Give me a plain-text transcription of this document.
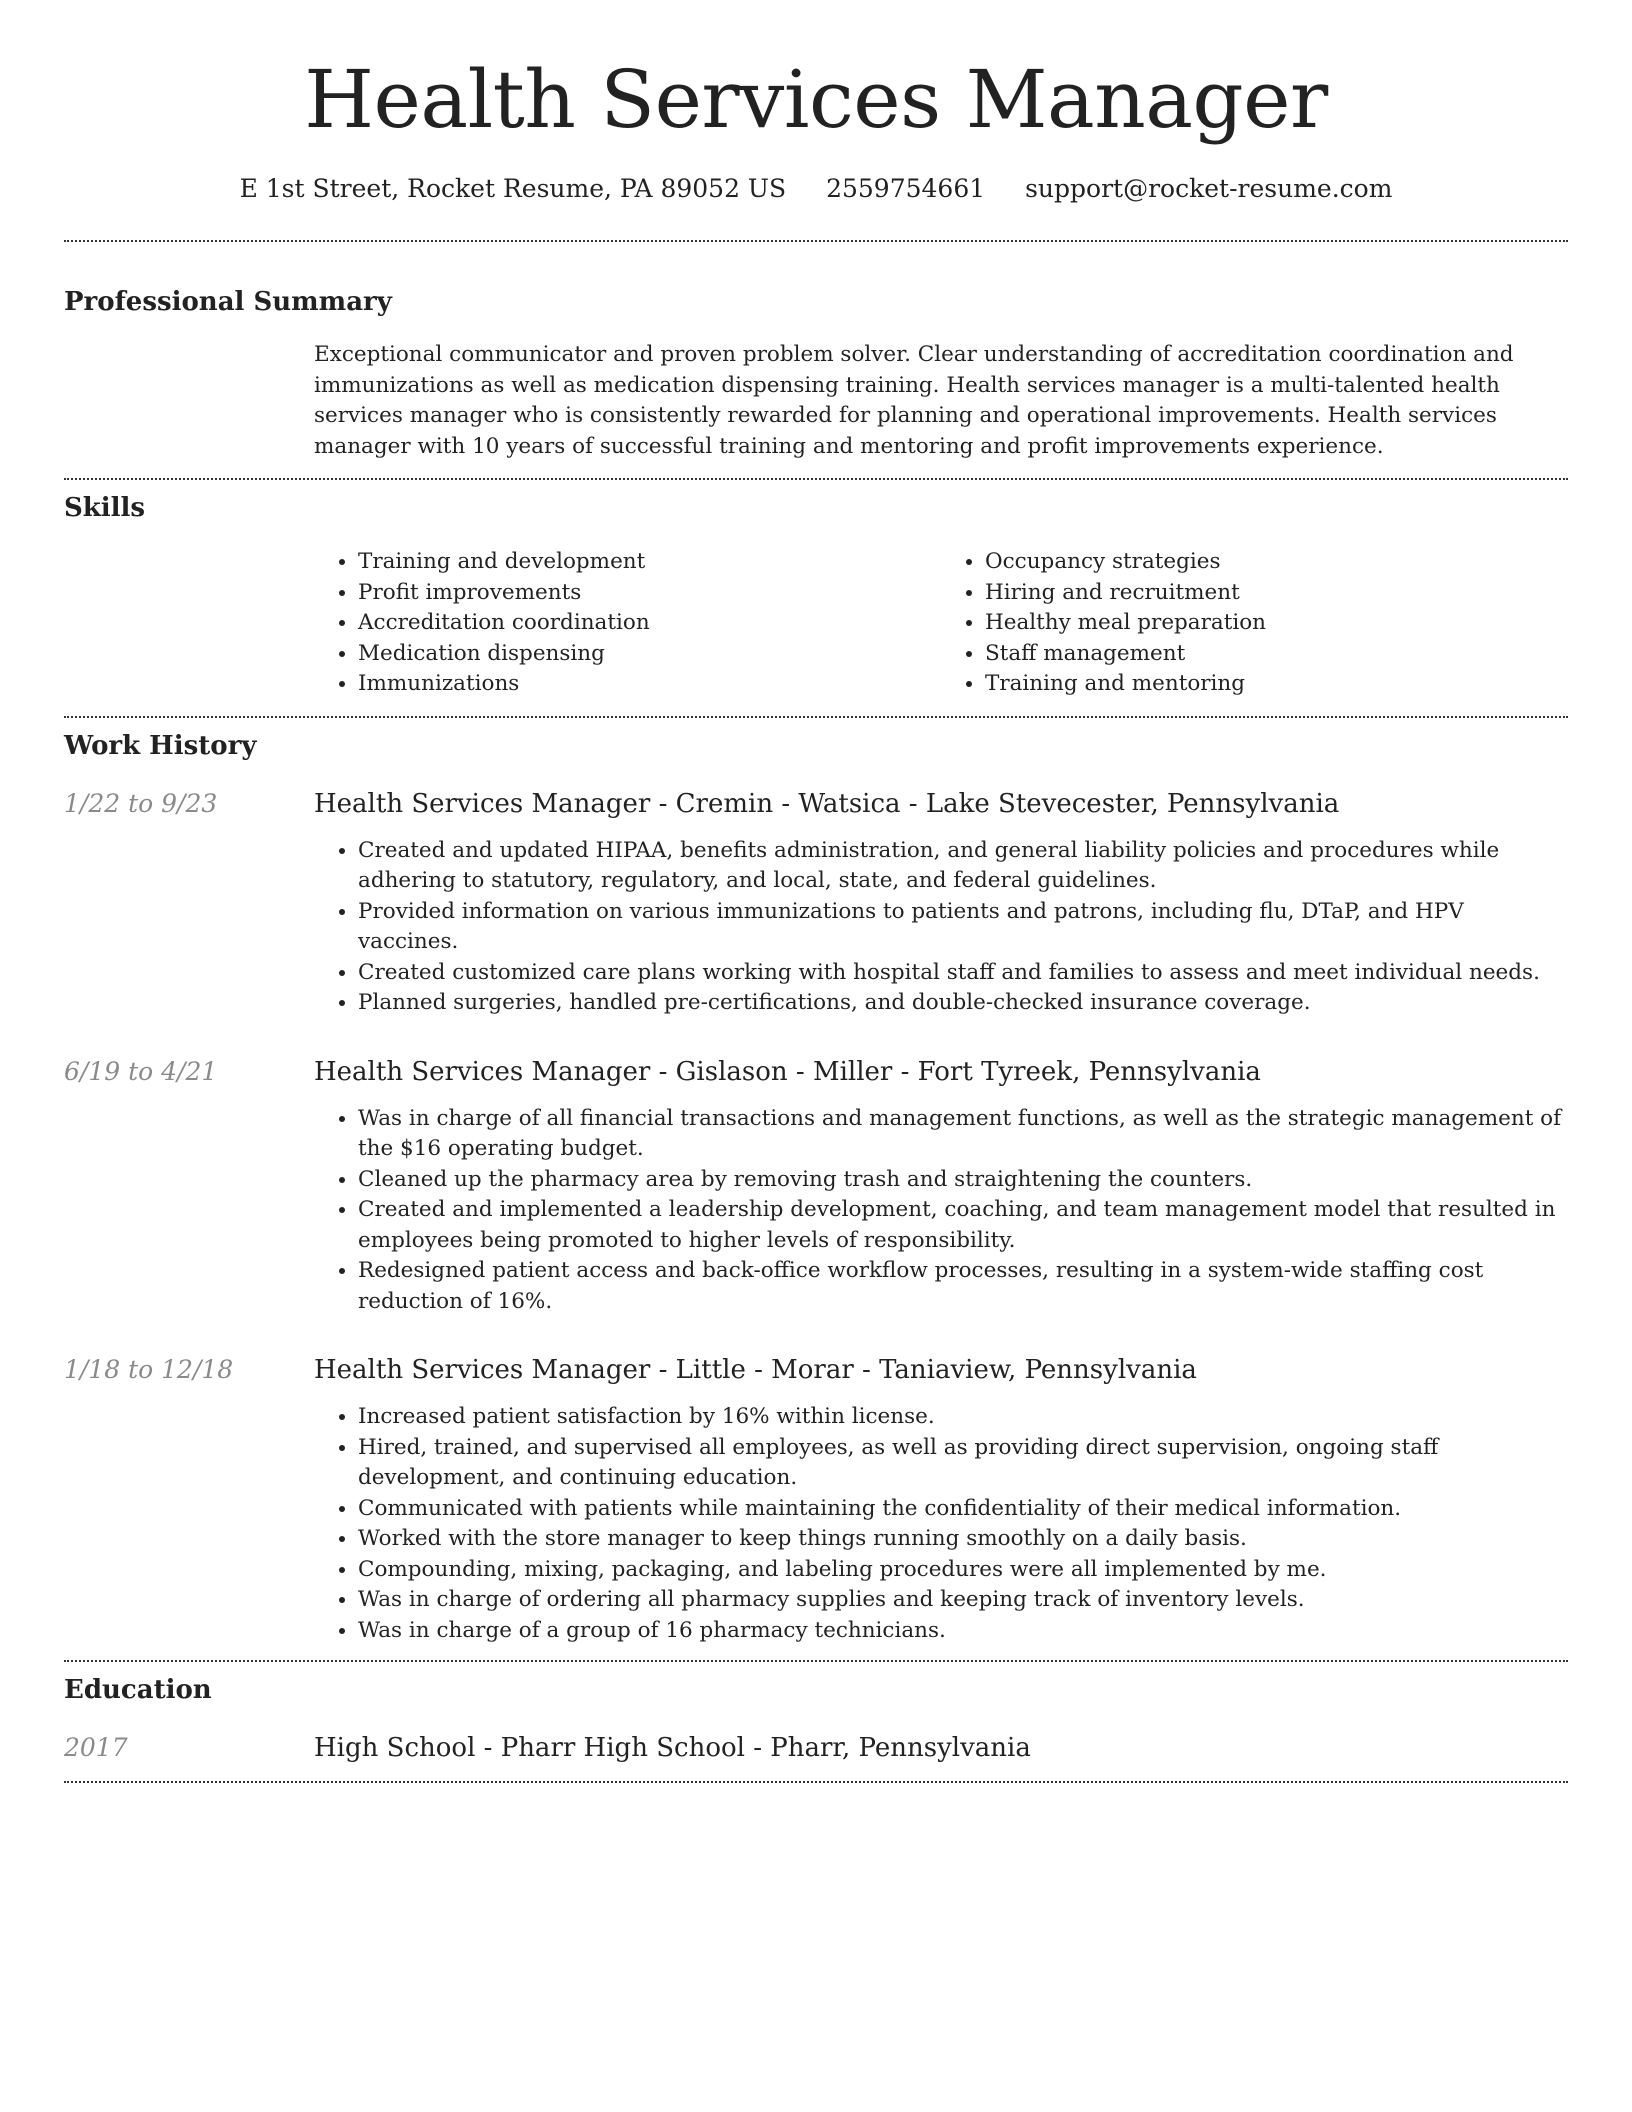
Health Services Manager
E 1st Street, Rocket Resume, PA 89052 US 2559754661 support@rocket-resume.com
Professional Summary

Exceptional communicator and proven problem solver. Clear understanding of accreditation coordination and immunizations as well as medication dispensing training. Health services manager is a multi-talented health services manager who is consistently rewarded for planning and operational improvements. Health services manager with 10 years of successful training and mentoring and profit improvements experience.

Skills
• Training and development
• Profit improvements
• Accreditation coordination
• Medication dispensing
• Immunizations
• Occupancy strategies
• Hiring and recruitment
• Healthy meal preparation
• Staff management
• Training and mentoring
Work History
1/22 to 9/23	Health Services Manager - Cremin - Watsica - Lake Stevecester, Pennsylvania
• Created and updated HIPAA, benefits administration, and general liability policies and procedures while adhering to statutory, regulatory, and local, state, and federal guidelines.
• Provided information on various immunizations to patients and patrons, including flu, DTaP, and HPV vaccines.
• Created customized care plans working with hospital staff and families to assess and meet individual needs.
• Planned surgeries, handled pre-certifications, and double-checked insurance coverage.
6/19 to 4/21	Health Services Manager - Gislason - Miller - Fort Tyreek, Pennsylvania
• Was in charge of all financial transactions and management functions, as well as the strategic management of the $16 operating budget.
• Cleaned up the pharmacy area by removing trash and straightening the counters.
• Created and implemented a leadership development, coaching, and team management model that resulted in employees being promoted to higher levels of responsibility.
• Redesigned patient access and back-office workflow processes, resulting in a system-wide staffing cost reduction of 16%.
1/18 to 12/18	Health Services Manager - Little - Morar - Taniaview, Pennsylvania
• Increased patient satisfaction by 16% within license.
• Hired, trained, and supervised all employees, as well as providing direct supervision, ongoing staff development, and continuing education.
• Communicated with patients while maintaining the confidentiality of their medical information.
• Worked with the store manager to keep things running smoothly on a daily basis.
• Compounding, mixing, packaging, and labeling procedures were all implemented by me.
• Was in charge of ordering all pharmacy supplies and keeping track of inventory levels.
• Was in charge of a group of 16 pharmacy technicians.
Education
2017	High School - Pharr High School - Pharr, Pennsylvania
